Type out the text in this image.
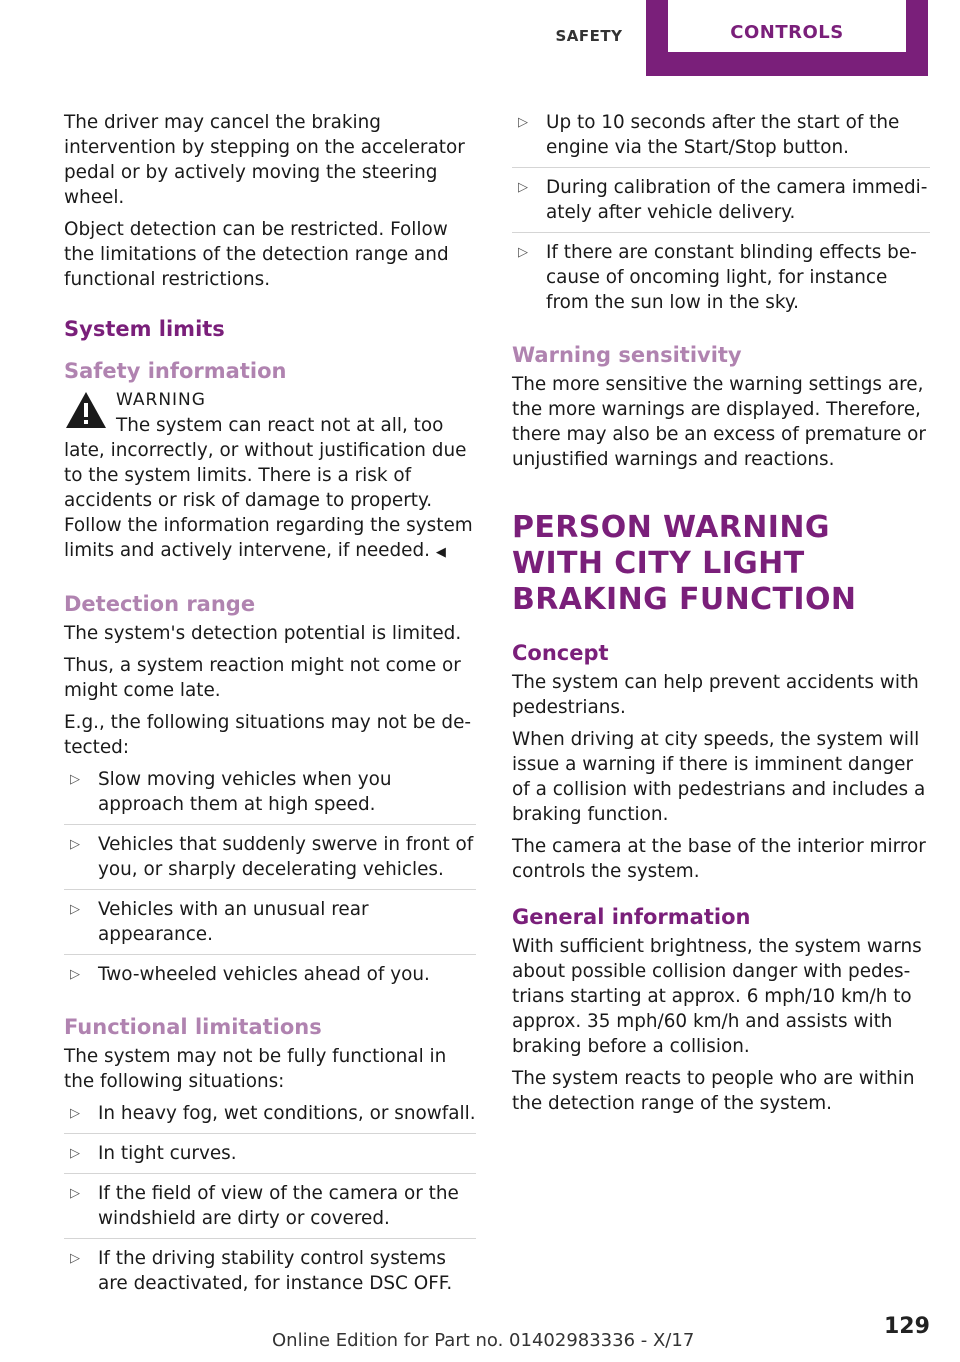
SAFETY	CONTROLS

The driver may cancel the braking intervention by stepping on the accelerator pedal or by actively moving the steering wheel.

Object detection can be restricted. Follow the limitations of the detection range and functional restrictions.

System limits
Safety information

WARNING

The system can react not at all, too late, incorrectly, or without justification due to the system limits. There is a risk of accidents or risk of damage to property. Follow the information regarding the system limits and actively intervene, if needed. ◀

Detection range

The system's detection potential is limited.

Thus, a system reaction might not come or might come late.

E.g., the following situations may not be detected:

▷ Slow moving vehicles when you approach them at high speed.
▷ Vehicles that suddenly swerve in front of you, or sharply decelerating vehicles.
▷ Vehicles with an unusual rear appearance.
▷ Two-wheeled vehicles ahead of you.
Functional limitations

The system may not be fully functional in the following situations:

▷ In heavy fog, wet conditions, or snowfall.
▷ In tight curves.
▷ If the field of view of the camera or the windshield are dirty or covered.
▷ If the driving stability control systems are deactivated, for instance DSC OFF.
▷ Up to 10 seconds after the start of the engine via the Start/Stop button.
▷ During calibration of the camera immediately after vehicle delivery.
▷ If there are constant blinding effects because of oncoming light, for instance from the sun low in the sky.
Warning sensitivity

The more sensitive the warning settings are, the more warnings are displayed. Therefore, there may also be an excess of premature or unjustified warnings and reactions.

PERSON WARNING WITH CITY LIGHT BRAKING FUNCTION
Concept

The system can help prevent accidents with pedestrians.

When driving at city speeds, the system will issue a warning if there is imminent danger of a collision with pedestrians and includes a braking function.

The camera at the base of the interior mirror controls the system.

General information

With sufficient brightness, the system warns about possible collision danger with pedestrians starting at approx. 6 mph/10 km/h to approx. 35 mph/60 km/h and assists with braking before a collision.

The system reacts to people who are within the detection range of the system.

129
Online Edition for Part no. 01402983336 - X/17
